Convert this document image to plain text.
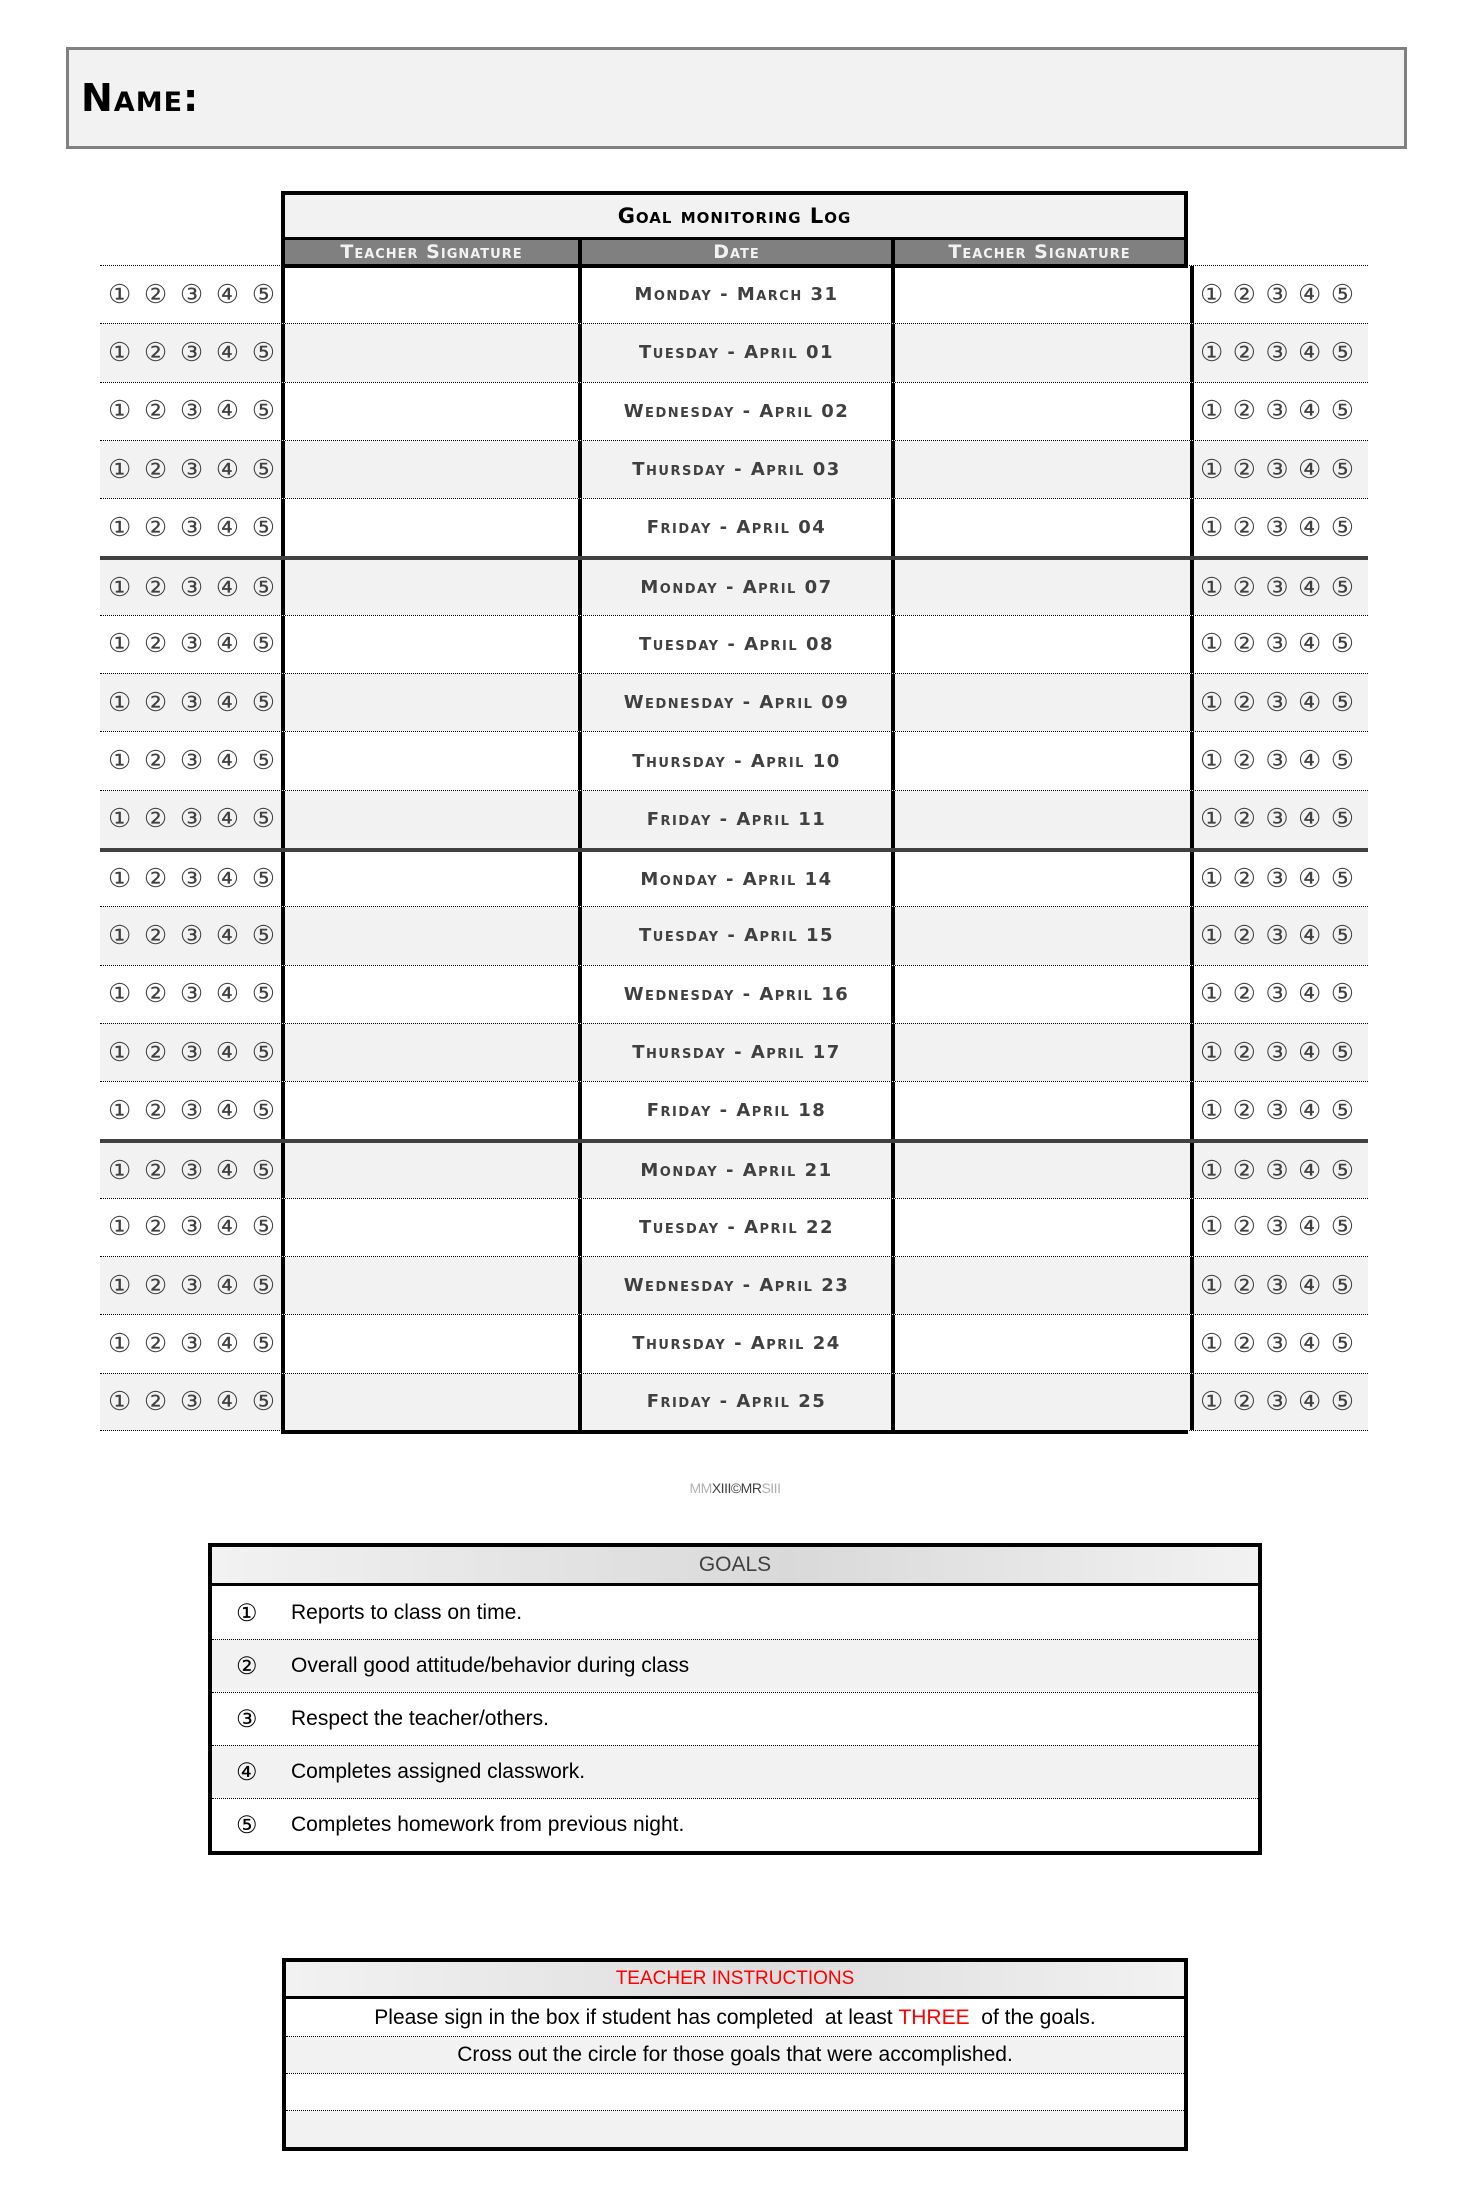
Name:
Goal monitoring Log
Teacher Signature	Date	Teacher Signature
① ② ③ ④ ⑤	Monday - March 31	① ② ③ ④ ⑤
① ② ③ ④ ⑤	Tuesday - April 01	① ② ③ ④ ⑤
① ② ③ ④ ⑤	Wednesday - April 02	① ② ③ ④ ⑤
① ② ③ ④ ⑤	Thursday - April 03	① ② ③ ④ ⑤
① ② ③ ④ ⑤	Friday - April 04	① ② ③ ④ ⑤
① ② ③ ④ ⑤	Monday - April 07	① ② ③ ④ ⑤
① ② ③ ④ ⑤	Tuesday - April 08	① ② ③ ④ ⑤
① ② ③ ④ ⑤	Wednesday - April 09	① ② ③ ④ ⑤
① ② ③ ④ ⑤	Thursday - April 10	① ② ③ ④ ⑤
① ② ③ ④ ⑤	Friday - April 11	① ② ③ ④ ⑤
① ② ③ ④ ⑤	Monday - April 14	① ② ③ ④ ⑤
① ② ③ ④ ⑤	Tuesday - April 15	① ② ③ ④ ⑤
① ② ③ ④ ⑤	Wednesday - April 16	① ② ③ ④ ⑤
① ② ③ ④ ⑤	Thursday - April 17	① ② ③ ④ ⑤
① ② ③ ④ ⑤	Friday - April 18	① ② ③ ④ ⑤
① ② ③ ④ ⑤	Monday - April 21	① ② ③ ④ ⑤
① ② ③ ④ ⑤	Tuesday - April 22	① ② ③ ④ ⑤
① ② ③ ④ ⑤	Wednesday - April 23	① ② ③ ④ ⑤
① ② ③ ④ ⑤	Thursday - April 24	① ② ③ ④ ⑤
① ② ③ ④ ⑤	Friday - April 25	① ② ③ ④ ⑤
MMXIII©MRSIII
GOALS
①	Reports to class on time.
②	Overall good attitude/behavior during class
③	Respect the teacher/others.
④	Completes assigned classwork.
⑤	Completes homework from previous night.
TEACHER INSTRUCTIONS
Please sign in the box if student has completed  at least THREE of the goals.
Cross out the circle for those goals that were accomplished.
